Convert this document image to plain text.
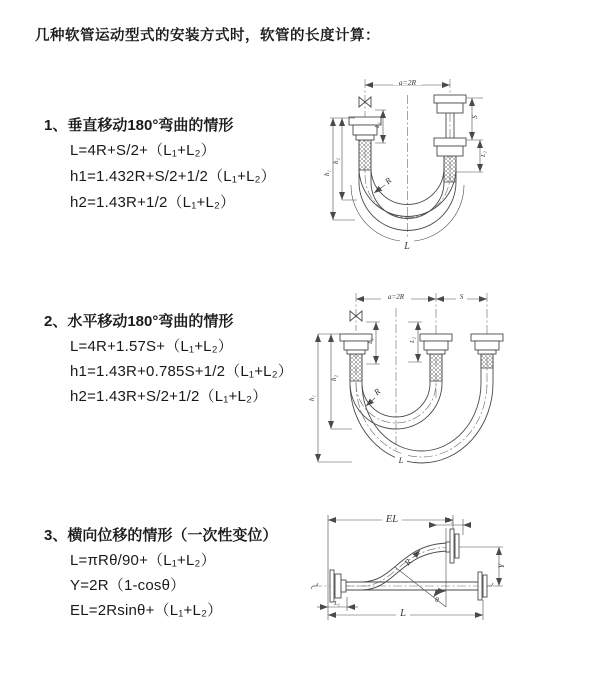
几种软管运动型式的安装方式时，软管的长度计算：
1、垂直移动180°弯曲的情形
L=4R+S/2+（L₁+L₂）
h1=1.432R+S/2+1/2（L₁+L₂）
h2=1.43R+1/2（L₁+L₂）
2、水平移动180°弯曲的情形
L=4R+1.57S+（L₁+L₂）
h1=1.43R+0.785S+1/2（L₁+L₂）
h2=1.43R+S/2+1/2（L₁+L₂）
3、横向位移的情形（一次性变位）
L=πRθ/90+（L₁+L₂）
Y=2R（1-cosθ）
EL=2Rsinθ+（L₁+L₂）
a=2R
h₁
h₂
L₁
S
L₂
R
L
a=2R	S
h₁
h₂
L₁	L₂
R
L
EL	L₂
Y
R
θ
L
L₁
